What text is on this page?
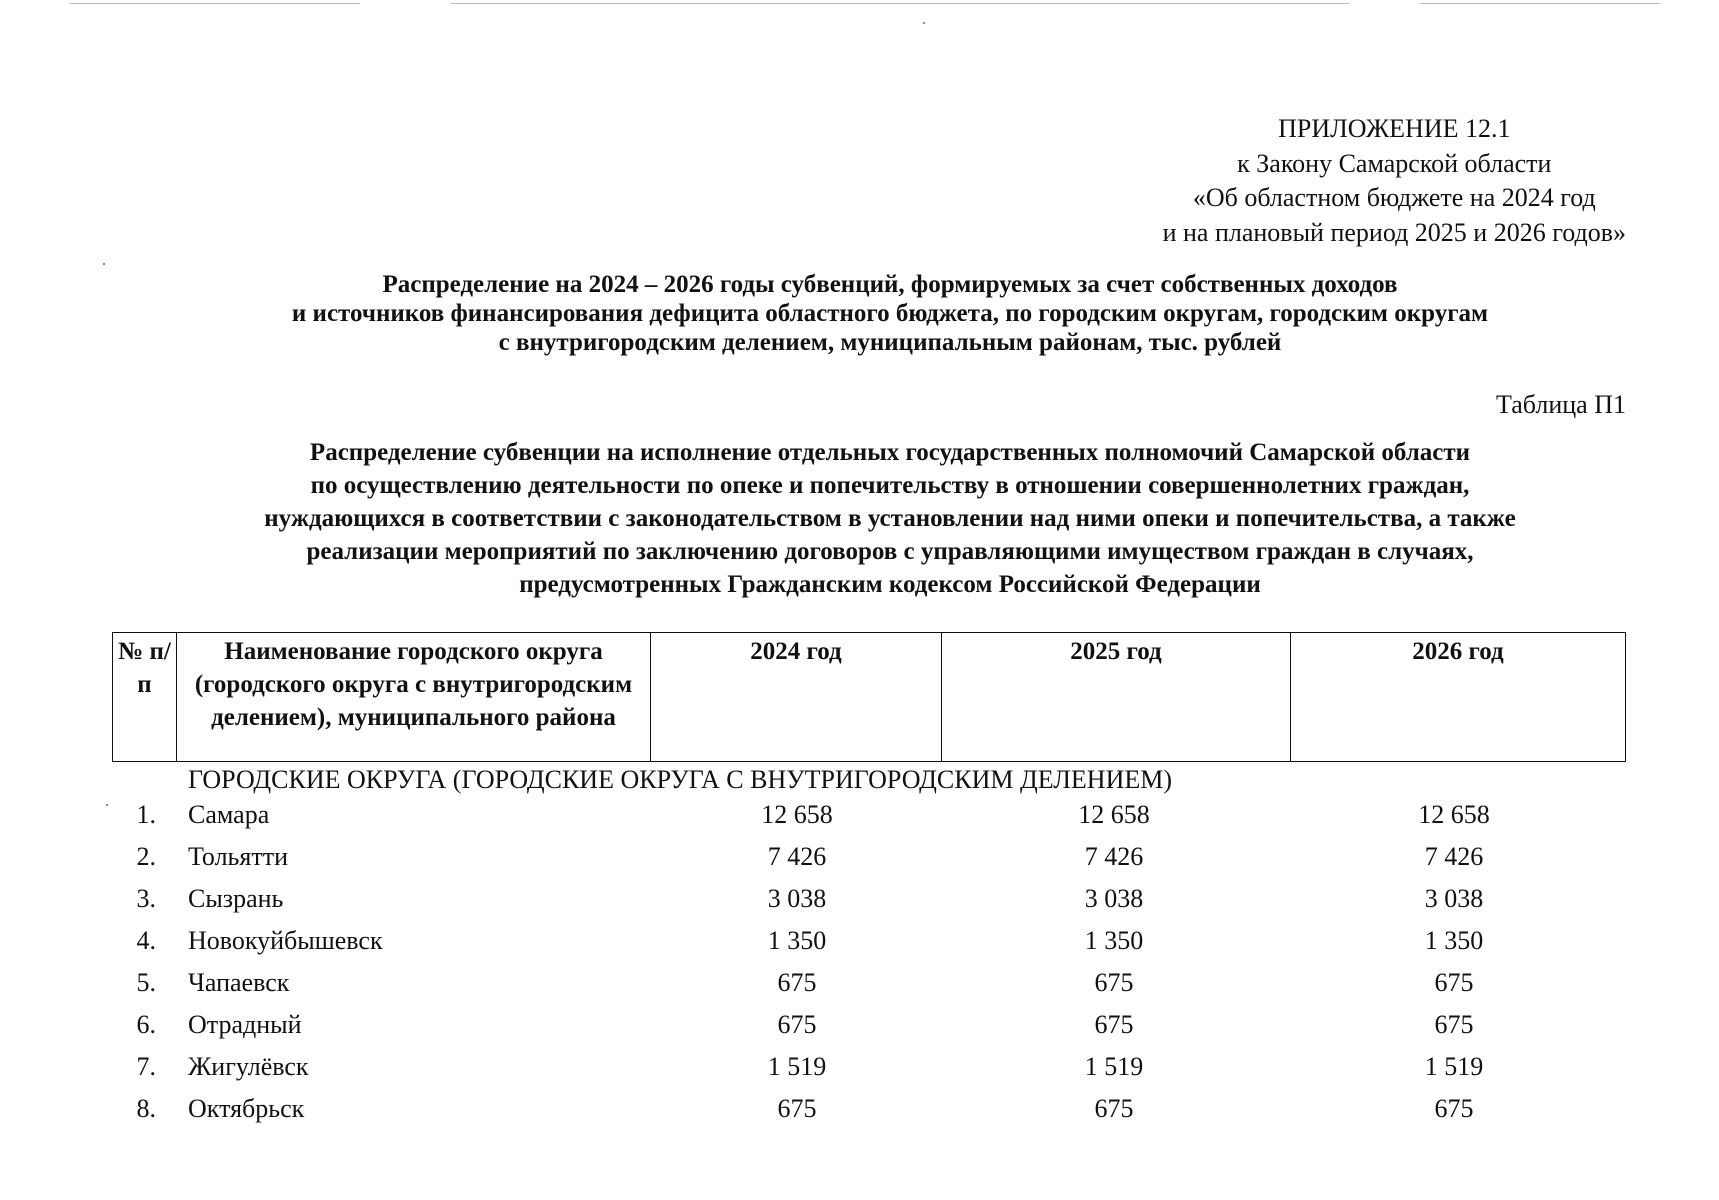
ПРИЛОЖЕНИЕ 12.1
к Закону Самарской области
«Об областном бюджете на 2024 год
и на плановый период 2025 и 2026 годов»
Распределение на 2024 – 2026 годы субвенций, формируемых за счет собственных доходов
и источников финансирования дефицита областного бюджета, по городским округам, городским округам
с внутригородским делением, муниципальным районам, тыс. рублей
Таблица П1
Распределение субвенции на исполнение отдельных государственных полномочий Самарской области
по осуществлению деятельности по опеке и попечительству в отношении совершеннолетних граждан,
нуждающихся в соответствии с законодательством в установлении над ними опеки и попечительства, а также
реализации мероприятий по заключению договоров с управляющими имуществом граждан в случаях,
предусмотренных Гражданским кодексом Российской Федерации
№ п/п	Наименование городского округа (городского округа с внутригородским делением), муниципального района	2024 год	2025 год	2026 год
ГОРОДСКИЕ ОКРУГА (ГОРОДСКИЕ ОКРУГА С ВНУТРИГОРОДСКИМ ДЕЛЕНИЕМ)
1. Самара	12 658	12 658	12 658
2. Тольятти	7 426	7 426	7 426
3. Сызрань	3 038	3 038	3 038
4. Новокуйбышевск	1 350	1 350	1 350
5. Чапаевск	675	675	675
6. Отрадный	675	675	675
7. Жигулёвск	1 519	1 519	1 519
8. Октябрьск	675	675	675
